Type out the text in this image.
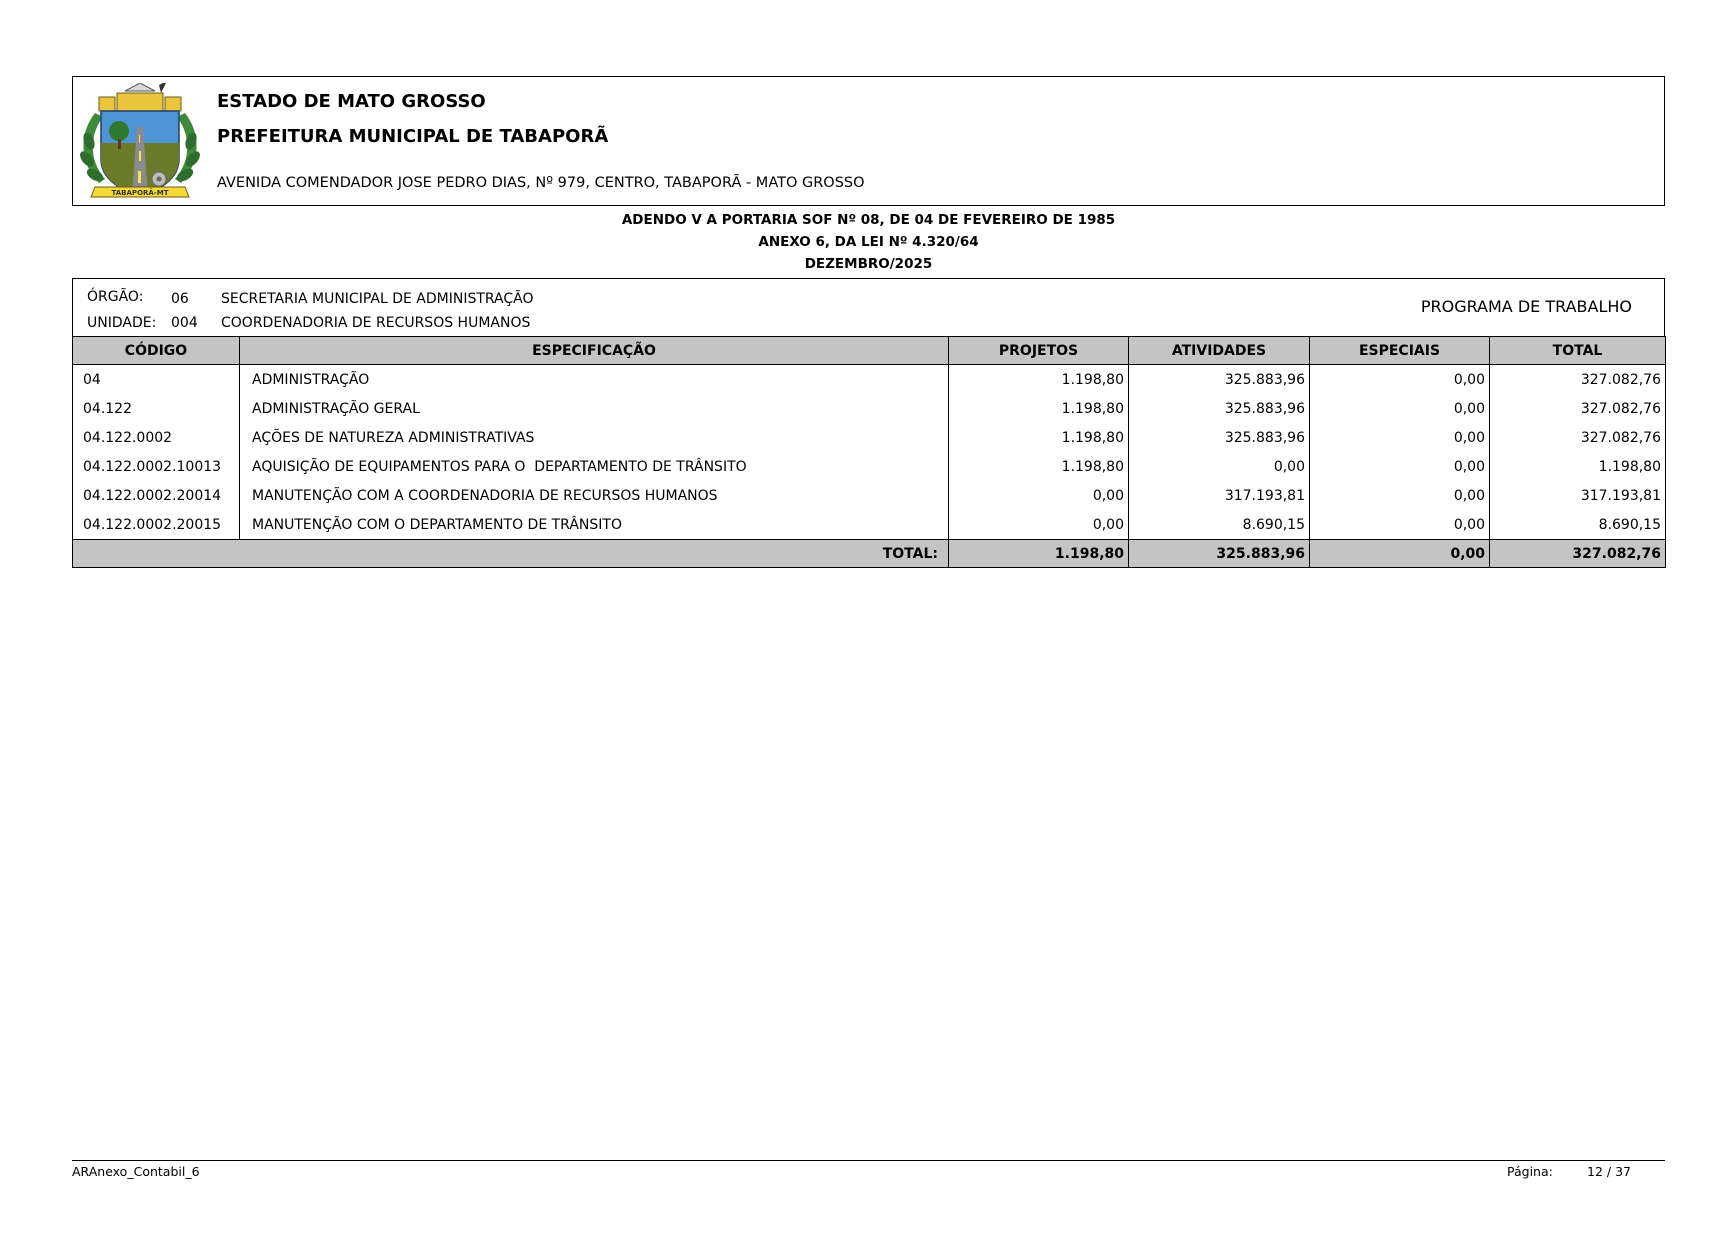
TABAPORÃ-MT
ESTADO DE MATO GROSSO
PREFEITURA MUNICIPAL DE TABAPORÃ
AVENIDA COMENDADOR JOSE PEDRO DIAS, Nº 979, CENTRO, TABAPORÃ - MATO GROSSO
ADENDO V A PORTARIA SOF Nº 08, DE 04 DE FEVEREIRO DE 1985
ANEXO 6, DA LEI Nº 4.320/64
DEZEMBRO/2025
ÓRGÃO: 06 SECRETARIA MUNICIPAL DE ADMINISTRAÇÃO
UNIDADE: 004 COORDENADORIA DE RECURSOS HUMANOS
PROGRAMA DE TRABALHO
CÓDIGO	ESPECIFICAÇÃO	PROJETOS	ATIVIDADES	ESPECIAIS	TOTAL
04	ADMINISTRAÇÃO	1.198,80	325.883,96	0,00	327.082,76
04.122	ADMINISTRAÇÃO GERAL	1.198,80	325.883,96	0,00	327.082,76
04.122.0002	AÇÕES DE NATUREZA ADMINISTRATIVAS	1.198,80	325.883,96	0,00	327.082,76
04.122.0002.10013	AQUISIÇÃO DE EQUIPAMENTOS PARA O  DEPARTAMENTO DE TRÂNSITO	1.198,80	0,00	0,00	1.198,80
04.122.0002.20014	MANUTENÇÃO COM A COORDENADORIA DE RECURSOS HUMANOS	0,00	317.193,81	0,00	317.193,81
04.122.0002.20015	MANUTENÇÃO COM O DEPARTAMENTO DE TRÂNSITO	0,00	8.690,15	0,00	8.690,15
TOTAL:		1.198,80	325.883,96	0,00	327.082,76
ARAnexo_Contabil_6	Página:	12 / 37
